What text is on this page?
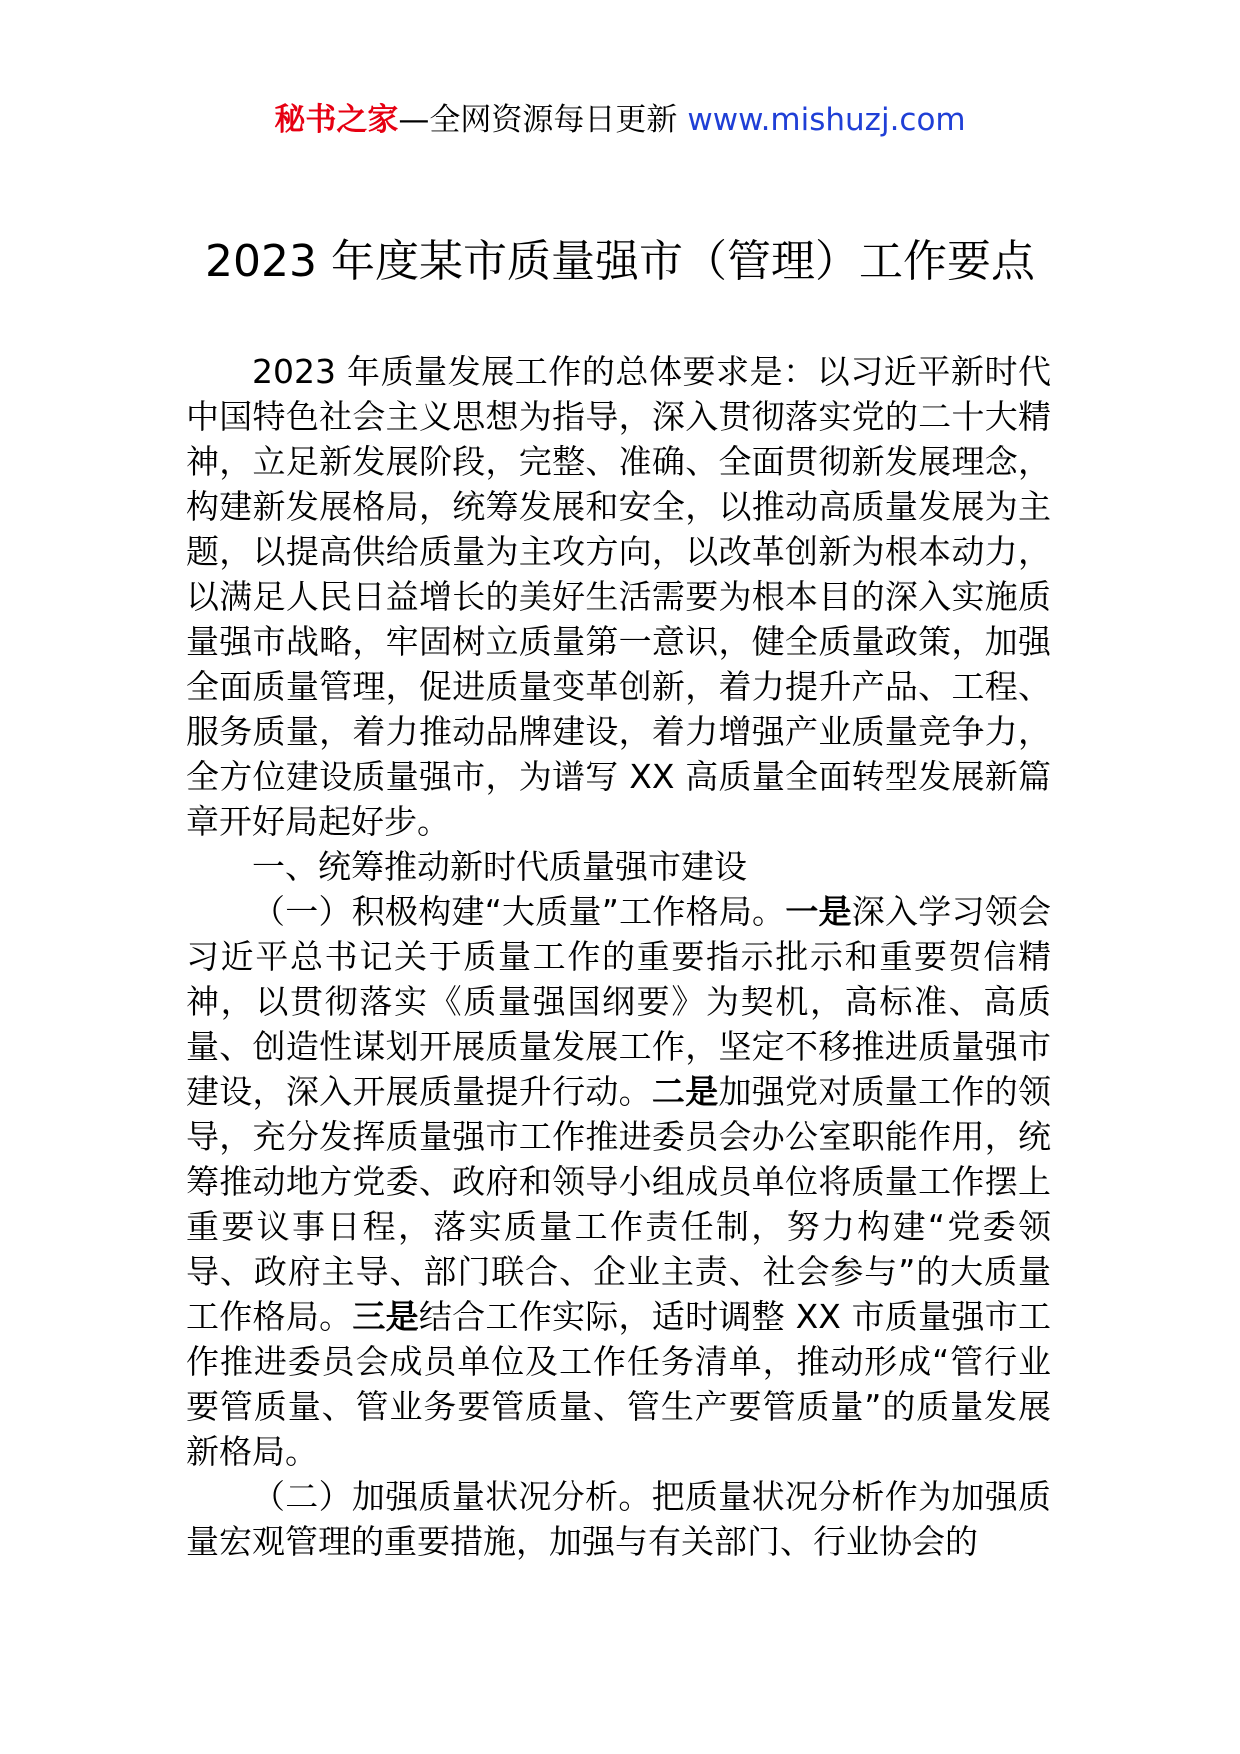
秘书之家—全网资源每日更新 www.mishuzj.com
2023 年度某市质量强市（管理）工作要点

2023 年质量发展工作的总体要求是：以习近平新时代中国特色社会主义思想为指导，深入贯彻落实党的二十大精神，立足新发展阶段，完整、准确、全面贯彻新发展理念，构建新发展格局，统筹发展和安全，以推动高质量发展为主题，以提高供给质量为主攻方向，以改革创新为根本动力，以满足人民日益增长的美好生活需要为根本目的深入实施质量强市战略，牢固树立质量第一意识，健全质量政策，加强全面质量管理，促进质量变革创新，着力提升产品、工程、服务质量，着力推动品牌建设，着力增强产业质量竞争力，全方位建设质量强市，为谱写 XX 高质量全面转型发展新篇章开好局起好步。

一、统筹推动新时代质量强市建设

（一）积极构建“大质量”工作格局。一是深入学习领会习近平总书记关于质量工作的重要指示批示和重要贺信精神，以贯彻落实《质量强国纲要》为契机，高标准、高质量、创造性谋划开展质量发展工作，坚定不移推进质量强市建设，深入开展质量提升行动。二是加强党对质量工作的领导，充分发挥质量强市工作推进委员会办公室职能作用，统筹推动地方党委、政府和领导小组成员单位将质量工作摆上重要议事日程，落实质量工作责任制，努力构建“党委领导、政府主导、部门联合、企业主责、社会参与”的大质量工作格局。三是结合工作实际，适时调整 XX 市质量强市工作推进委员会成员单位及工作任务清单，推动形成“管行业要管质量、管业务要管质量、管生产要管质量”的质量发展新格局。

（二）加强质量状况分析。把质量状况分析作为加强质量宏观管理的重要措施，加强与有关部门、行业协会的
